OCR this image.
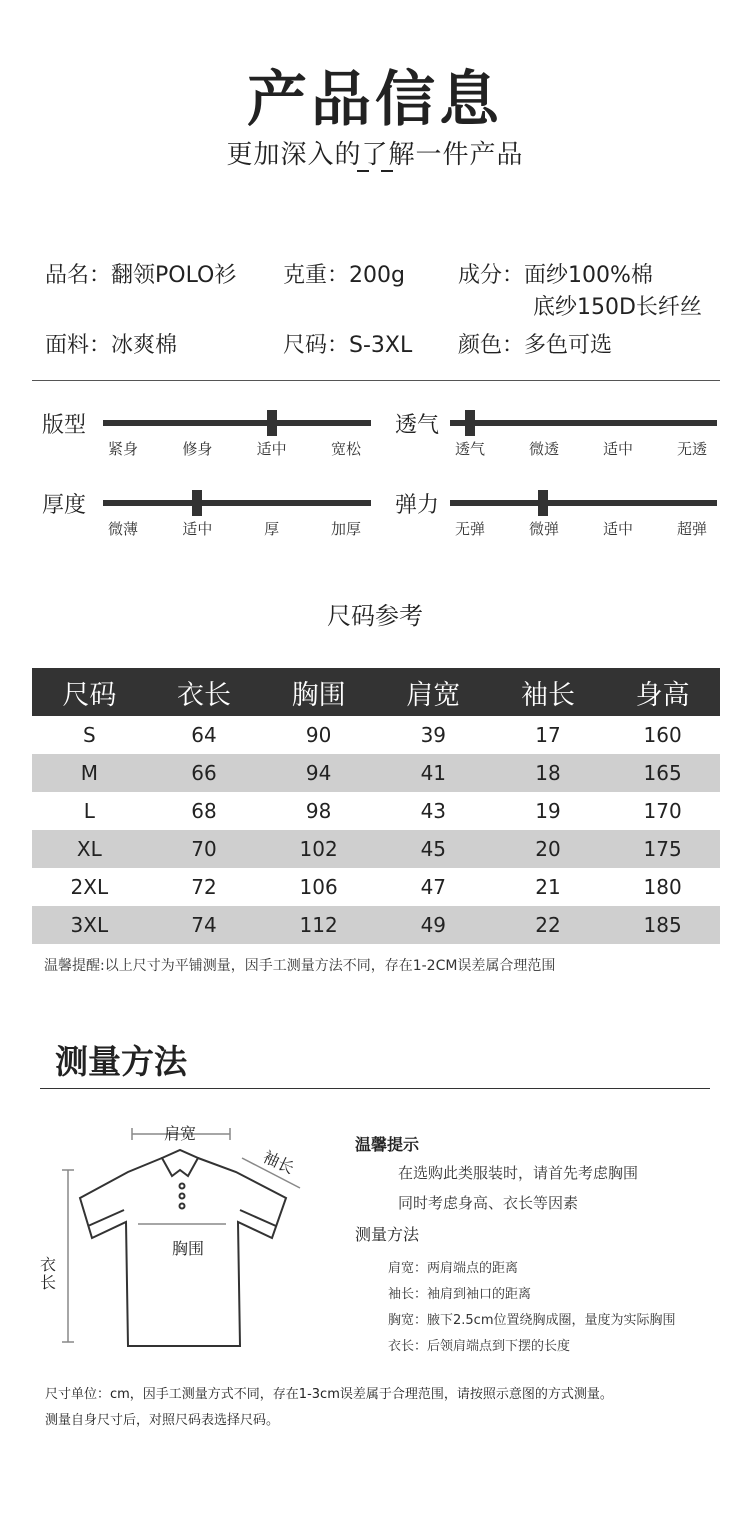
产品信息
更加深入的了解一件产品
品名：翻领POLO衫 克重：200g 成分：面纱100%棉
底纱150D长纤丝
面料：冰爽棉	尺码：S-3XL 颜色：多色可选
版型
紧身	修身	适中	宽松
透气
透气	微透	适中	无透
厚度
微薄	适中	厚	加厚
弹力
无弹	微弹	适中	超弹
尺码参考
尺码	衣长	胸围	肩宽	袖长	身高
S	64	90	39	17	160
M	66	94	41	18	165
L	68	98	43	19	170
XL	70	102	45	20	175
2XL	72	106	47	21	180
3XL	74	112	49	22	185
温馨提醒:以上尺寸为平铺测量，因手工测量方法不同，存在1-2CM误差属合理范围
测量方法
肩宽
袖长
胸围
衣
长
温馨提示
在选购此类服装时，请首先考虑胸围
同时考虑身高、衣长等因素
测量方法
肩宽：两肩端点的距离
袖长：袖肩到袖口的距离
胸宽：腋下2.5cm位置绕胸成圈，量度为实际胸围
衣长：后领肩端点到下摆的长度
尺寸单位：cm，因手工测量方式不同，存在1-3cm误差属于合理范围，请按照示意图的方式测量。
测量自身尺寸后，对照尺码表选择尺码。
